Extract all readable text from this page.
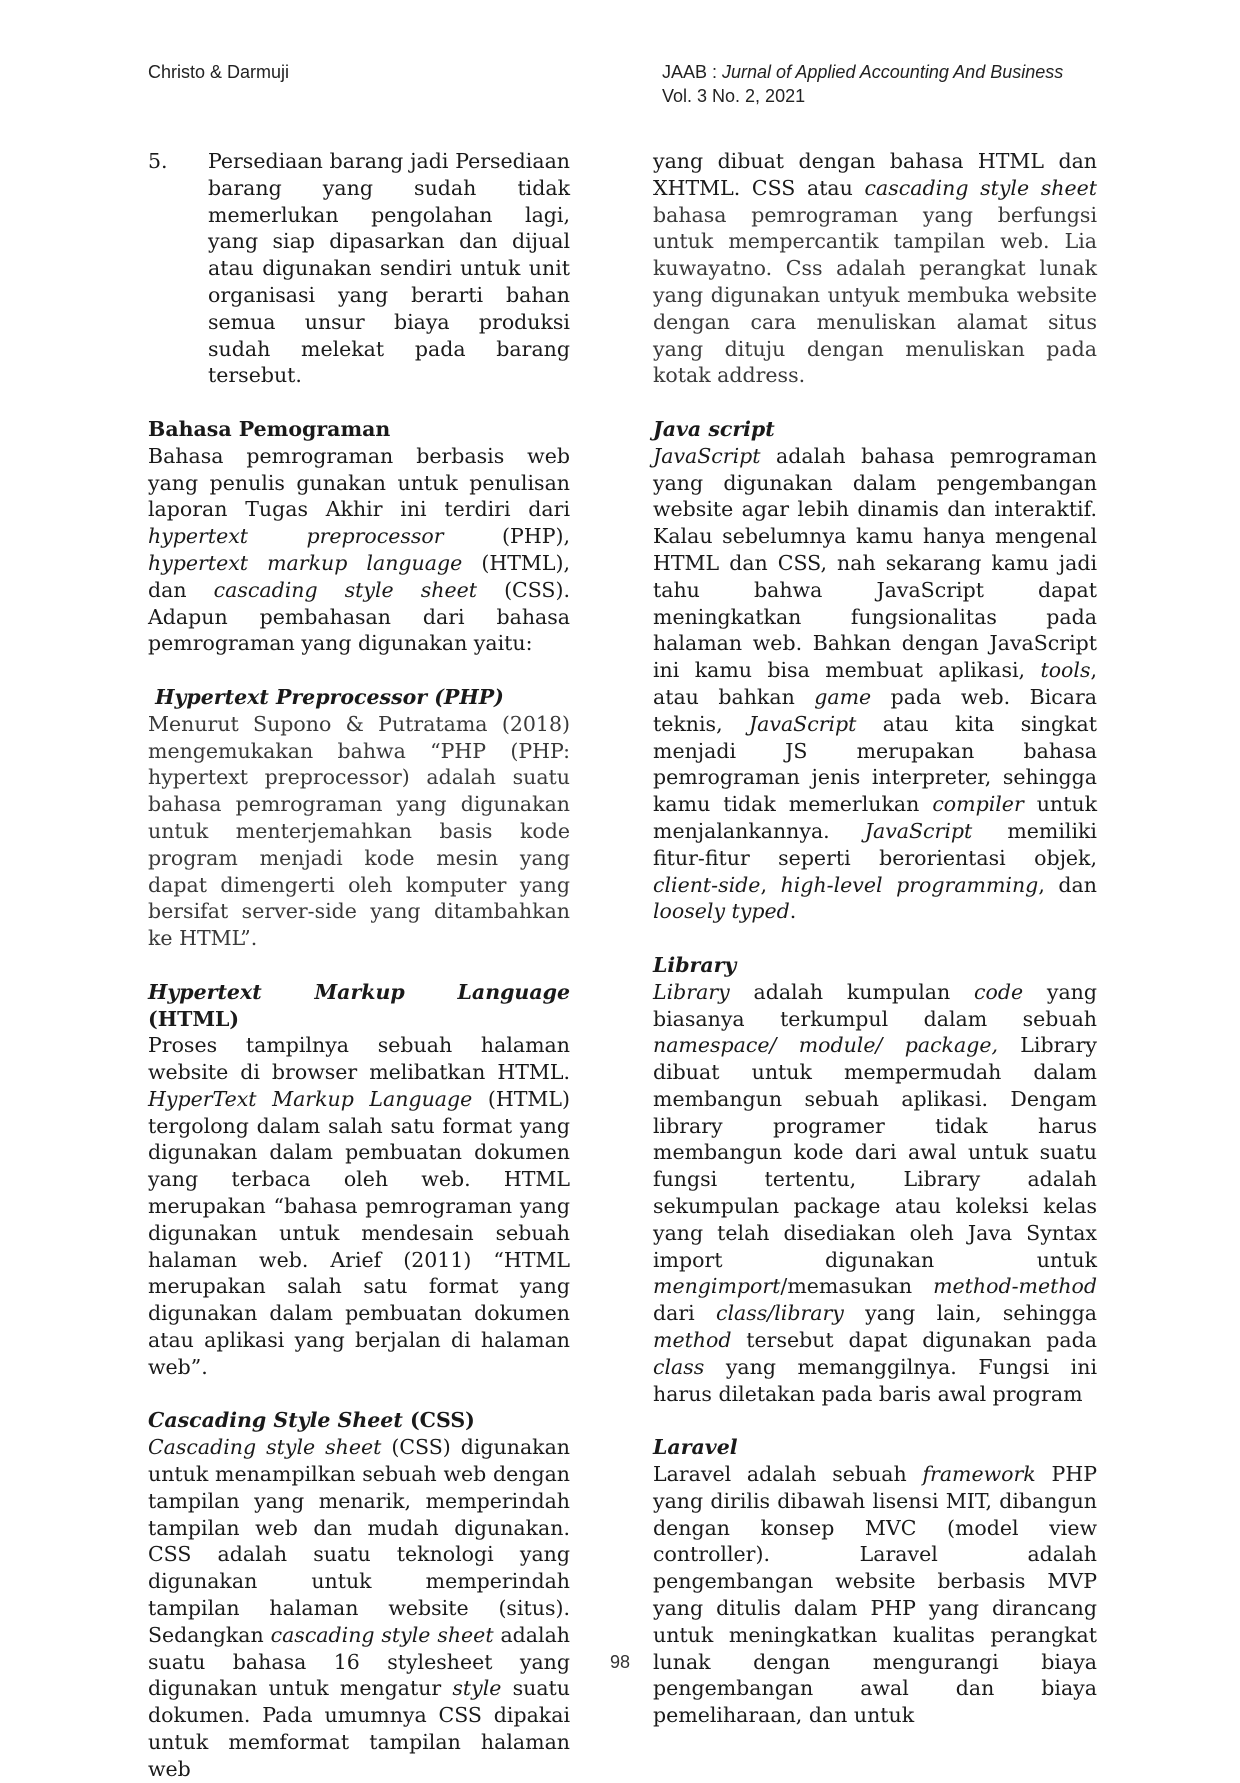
Christo & Darmuji	JAAB : Jurnal of Applied Accounting And Business
Vol. 3 No. 2, 2021
5.	Persediaan barang jadi Persediaan barang yang sudah tidak memerlukan pengolahan lagi, yang siap dipasarkan dan dijual atau digunakan sendiri untuk unit organisasi yang berarti bahan semua unsur biaya produksi sudah melekat pada barang tersebut.
Bahasa Pemograman

Bahasa pemrograman berbasis web yang penulis gunakan untuk penulisan laporan Tugas Akhir ini terdiri dari hypertext preprocessor (PHP), hypertext markup language (HTML), dan cascading style sheet (CSS). Adapun pembahasan dari bahasa pemrograman yang digunakan yaitu:

Hypertext Preprocessor (PHP)

Menurut Supono & Putratama (2018) mengemukakan bahwa “PHP (PHP: hypertext preprocessor) adalah suatu bahasa pemrograman yang digunakan untuk menterjemahkan basis kode program menjadi kode mesin yang dapat dimengerti oleh komputer yang bersifat server-side yang ditambahkan ke HTML”.

Hypertext Markup Language (HTML)

Proses tampilnya sebuah halaman website di browser melibatkan HTML. HyperText Markup Language (HTML) tergolong dalam salah satu format yang digunakan dalam pembuatan dokumen yang terbaca oleh web. HTML merupakan “bahasa pemrograman yang digunakan untuk mendesain sebuah halaman web. Arief (2011) “HTML merupakan salah satu format yang digunakan dalam pembuatan dokumen atau aplikasi yang berjalan di halaman web”.

Cascading Style Sheet (CSS)

Cascading style sheet (CSS) digunakan untuk menampilkan sebuah web dengan tampilan yang menarik, memperindah tampilan web dan mudah digunakan. CSS adalah suatu teknologi yang digunakan untuk memperindah tampilan halaman website (situs). Sedangkan cascading style sheet adalah suatu bahasa 16 stylesheet yang digunakan untuk mengatur style suatu dokumen. Pada umumnya CSS dipakai untuk memformat tampilan halaman web

yang dibuat dengan bahasa HTML dan XHTML. CSS atau cascading style sheet bahasa pemrograman yang berfungsi untuk mempercantik tampilan web. Lia kuwayatno. Css adalah perangkat lunak yang digunakan untyuk membuka website dengan cara menuliskan alamat situs yang dituju dengan menuliskan pada kotak address.

Java script

JavaScript adalah bahasa pemrograman yang digunakan dalam pengembangan website agar lebih dinamis dan interaktif. Kalau sebelumnya kamu hanya mengenal HTML dan CSS, nah sekarang kamu jadi tahu bahwa JavaScript dapat meningkatkan fungsionalitas pada halaman web. Bahkan dengan JavaScript ini kamu bisa membuat aplikasi, tools, atau bahkan game pada web. Bicara teknis, JavaScript atau kita singkat menjadi JS merupakan bahasa pemrograman jenis interpreter, sehingga kamu tidak memerlukan compiler untuk menjalankannya. JavaScript memiliki fitur-fitur seperti berorientasi objek, client-side, high-level programming, dan loosely typed.

Library

Library adalah kumpulan code yang biasanya terkumpul dalam sebuah namespace/ module/ package, Library dibuat untuk mempermudah dalam membangun sebuah aplikasi. Dengam library programer tidak harus membangun kode dari awal untuk suatu fungsi tertentu, Library adalah sekumpulan package atau koleksi kelas yang telah disediakan oleh Java Syntax import digunakan untuk mengimport/memasukan method-method dari class/library yang lain, sehingga method tersebut dapat digunakan pada class yang memanggilnya. Fungsi ini harus diletakan pada baris awal program

Laravel

Laravel adalah sebuah framework PHP yang dirilis dibawah lisensi MIT, dibangun dengan konsep MVC (model view controller). Laravel adalah pengembangan website berbasis MVP yang ditulis dalam PHP yang dirancang untuk meningkatkan kualitas perangkat lunak dengan mengurangi biaya pengembangan awal dan biaya pemeliharaan, dan untuk

98
